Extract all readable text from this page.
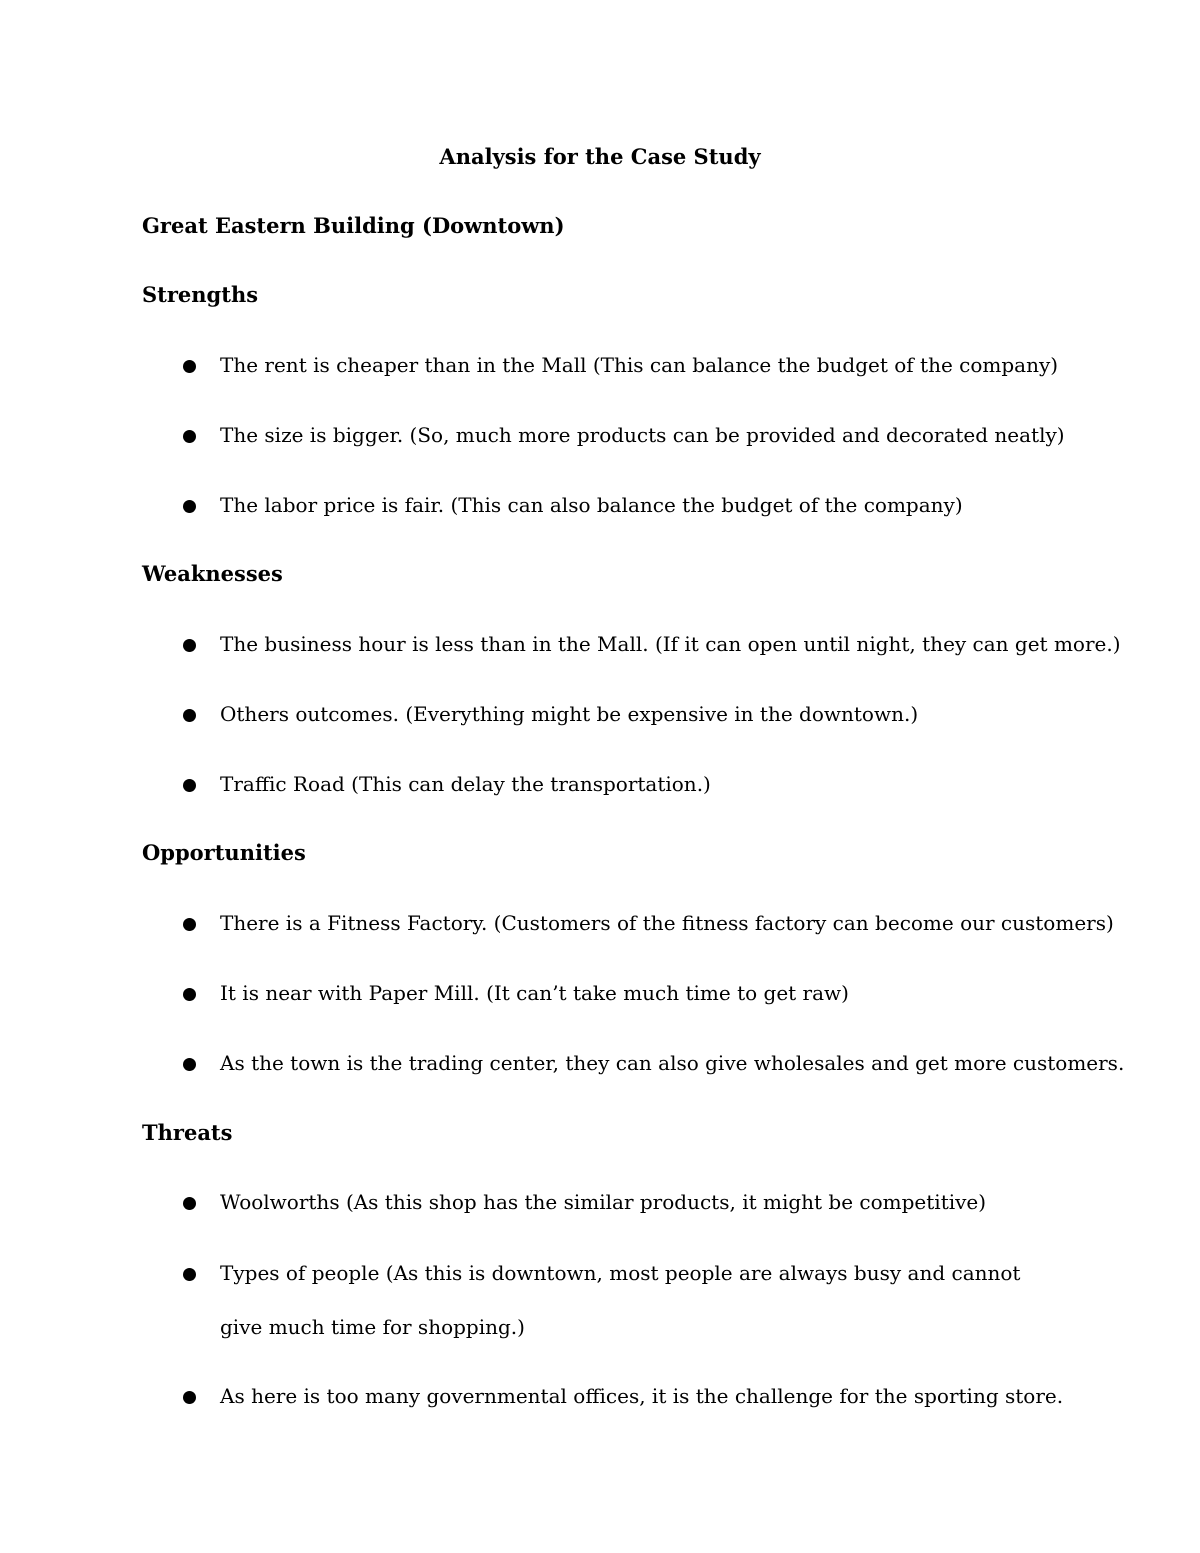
Analysis for the Case Study
Great Eastern Building (Downtown)
Strengths
The rent is cheaper than in the Mall (This can balance the budget of the company)
The size is bigger. (So, much more products can be provided and decorated neatly)
The labor price is fair. (This can also balance the budget of the company)
Weaknesses
The business hour is less than in the Mall. (If it can open until night, they can get more.)
Others outcomes. (Everything might be expensive in the downtown.)
Traffic Road (This can delay the transportation.)
Opportunities
There is a Fitness Factory. (Customers of the fitness factory can become our customers)
It is near with Paper Mill. (It can’t take much time to get raw)
As the town is the trading center, they can also give wholesales and get more customers.
Threats
Woolworths (As this shop has the similar products, it might be competitive)
Types of people (As this is downtown, most people are always busy and cannot give much time for shopping.)
As here is too many governmental offices, it is the challenge for the sporting store.
